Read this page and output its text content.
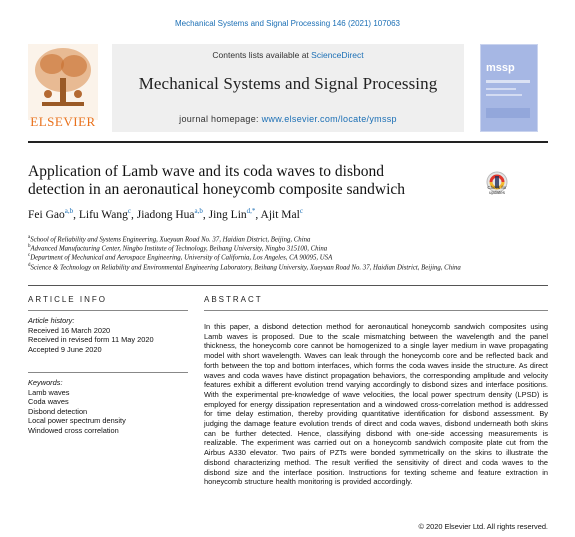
Mechanical Systems and Signal Processing 146 (2021) 107063
Contents lists available at ScienceDirect
Mechanical Systems and Signal Processing
journal homepage: www.elsevier.com/locate/ymssp
ELSEVIER
mssp
Application of Lamb wave and its coda waves to disbond
detection in an aeronautical honeycomb composite sandwich	Check for
updates
Fei Gao$^{a,b}$, Lifu Wang$^c$, Jiadong Hua$^{a,b}$, Jing Lin$^{d,*}$, Ajit Mal$^c$
$^a$School of Reliability and Systems Engineering, Xueyuan Road No. 37, Haidian District, Beijing, China
$^b$Advanced Manufacturing Center, Ningbo Institute of Technology, Beihang University, Ningbo 315100, China
$^c$Department of Mechanical and Aerospace Engineering, University of California, Los Angeles, CA 90095, USA
$^d$Science & Technology on Reliability and Environmental Engineering Laboratory, Beihang University, Xueyuan Road No. 37, Haidian District, Beijing, China
ARTICLE INFO
Article history:
Received 16 March 2020
Received in revised form 11 May 2020
Accepted 9 June 2020
Keywords:
Lamb waves
Coda waves
Disbond detection
Local power spectrum density
Windowed cross correlation
ABSTRACT
In this paper, a disbond detection method for aeronautical honeycomb sandwich composites using Lamb waves is proposed. Due to the scale mismatching between the wavelength and the panel thickness, the honeycomb core cannot be homogenized to a single layer medium in wave propagating model with short wavelength. Waves can leak through the honeycomb core and be reflected back and forth between the top and bottom interfaces, which forms the coda waves inside the structure. As direct waves and coda waves have distinct propagation behaviors, the corresponding amplitude and velocity features exhibit a different evolution trend varying accordingly to disbond sizes and interface positions. With the experimental pre-knowledge of wave velocities, the local power spectrum density (LPSD) is employed for energy dissipation representation and a windowed cross-correlation method is addressed for time delay estimation, thereby providing quantitative identification for disbond assessment. By judging the damage feature evolution trends of direct and coda waves, disbond underneath both skins can be further detected. Hence, classifying disbond with one-side accessing measurements is realizable. The experiment was carried out on a honeycomb sandwich composite plate cut from the Airbus A330 elevator. Two pairs of PZTs were bonded symmetrically on the skins to illustrate the disbond characterizing method. The result verified the sensitivity of direct and coda waves to the disbond size and the interface position. Instructions for texting scheme and feature extraction in honeycomb structure health monitoring is provided accordingly.
© 2020 Elsevier Ltd. All rights reserved.
